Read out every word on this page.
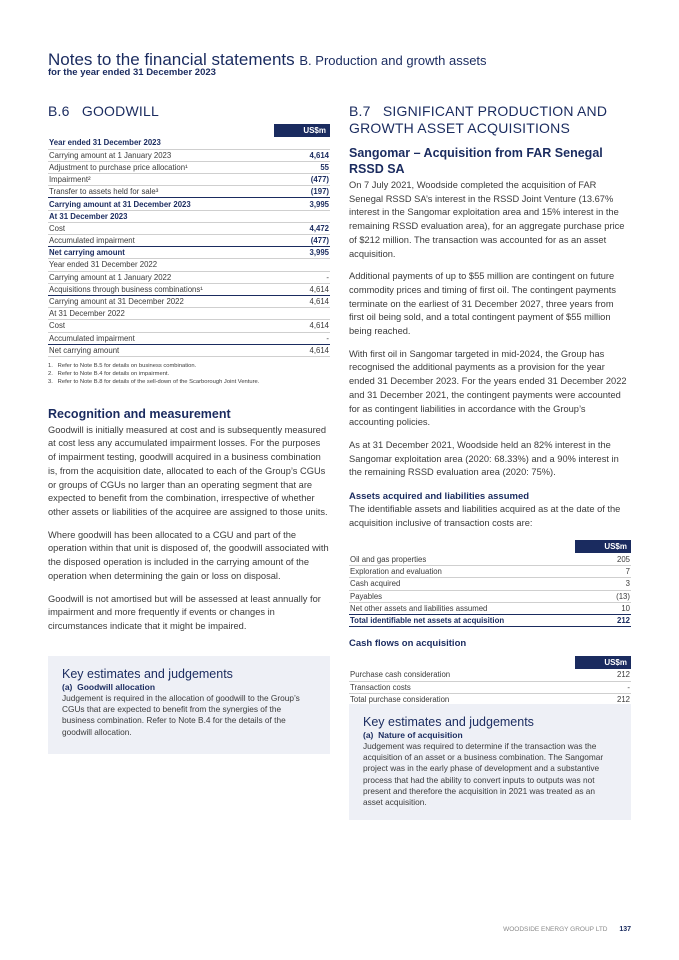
Notes to the financial statements B. Production and growth assets
for the year ended 31 December 2023
B.6   GOODWILL
	US$m
Year ended 31 December 2023	
Carrying amount at 1 January 2023	4,614
Adjustment to purchase price allocation¹	55
Impairment²	(477)
Transfer to assets held for sale³	(197)
Carrying amount at 31 December 2023	3,995
At 31 December 2023	
Cost	4,472
Accumulated impairment	(477)
Net carrying amount	3,995
Year ended 31 December 2022	
Carrying amount at 1 January 2022	-
Acquisitions through business combinations¹	4,614
Carrying amount at 31 December 2022	4,614
At 31 December 2022	
Cost	4,614
Accumulated impairment	-
Net carrying amount	4,614
1.   Refer to Note B.5 for details on business combination.
2.   Refer to Note B.4 for details on impairment.
3.   Refer to Note B.8 for details of the sell-down of the Scarborough Joint Venture.
Recognition and measurement

Goodwill is initially measured at cost and is subsequently measured at cost less any accumulated impairment losses. For the purposes of impairment testing, goodwill acquired in a business combination is, from the acquisition date, allocated to each of the Group’s CGUs or groups of CGUs no larger than an operating segment that are expected to benefit from the combination, irrespective of whether other assets or liabilities of the acquiree are assigned to those units.

Where goodwill has been allocated to a CGU and part of the operation within that unit is disposed of, the goodwill associated with the disposed operation is included in the carrying amount of the operation when determining the gain or loss on disposal.

Goodwill is not amortised but will be assessed at least annually for impairment and more frequently if events or changes in circumstances indicate that it might be impaired.

Key estimates and judgements
(a)  Goodwill allocation
Judgement is required in the allocation of goodwill to the Group’s CGUs that are expected to benefit from the synergies of the business combination. Refer to Note B.4 for the details of the goodwill allocation.
B.7   SIGNIFICANT PRODUCTION AND
GROWTH ASSET ACQUISITIONS
Sangomar – Acquisition from FAR Senegal RSSD SA

On 7 July 2021, Woodside completed the acquisition of FAR Senegal RSSD SA’s interest in the RSSD Joint Venture (13.67% interest in the Sangomar exploitation area and 15% interest in the remaining RSSD evaluation area), for an aggregate purchase price of $212 million. The transaction was accounted for as an asset acquisition.

Additional payments of up to $55 million are contingent on future commodity prices and timing of first oil. The contingent payments terminate on the earliest of 31 December 2027, three years from first oil being sold, and a total contingent payment of $55 million being reached.

With first oil in Sangomar targeted in mid-2024, the Group has recognised the additional payments as a provision for the year ended 31 December 2023. For the years ended 31 December 2022 and 31 December 2021, the contingent payments were accounted for as contingent liabilities in accordance with the Group’s accounting policies.

As at 31 December 2021, Woodside held an 82% interest in the Sangomar exploitation area (2020: 68.33%) and a 90% interest in the remaining RSSD evaluation area (2020: 75%).

Assets acquired and liabilities assumed

The identifiable assets and liabilities acquired as at the date of the acquisition inclusive of transaction costs are:

	US$m
Oil and gas properties	205
Exploration and evaluation	7
Cash acquired	3
Payables	(13)
Net other assets and liabilities assumed	10
Total identifiable net assets at acquisition	212
Cash flows on acquisition
	US$m
Purchase cash consideration	212
Transaction costs	-
Total purchase consideration	212

Key estimates and judgements
(a)  Nature of acquisition
Judgement was required to determine if the transaction was the acquisition of an asset or a business combination. The Sangomar project was in the early phase of development and a substantive process that had the ability to convert inputs to outputs was not present and therefore the acquisition in 2021 was treated as an asset acquisition.
WOODSIDE ENERGY GROUP LTD 137
